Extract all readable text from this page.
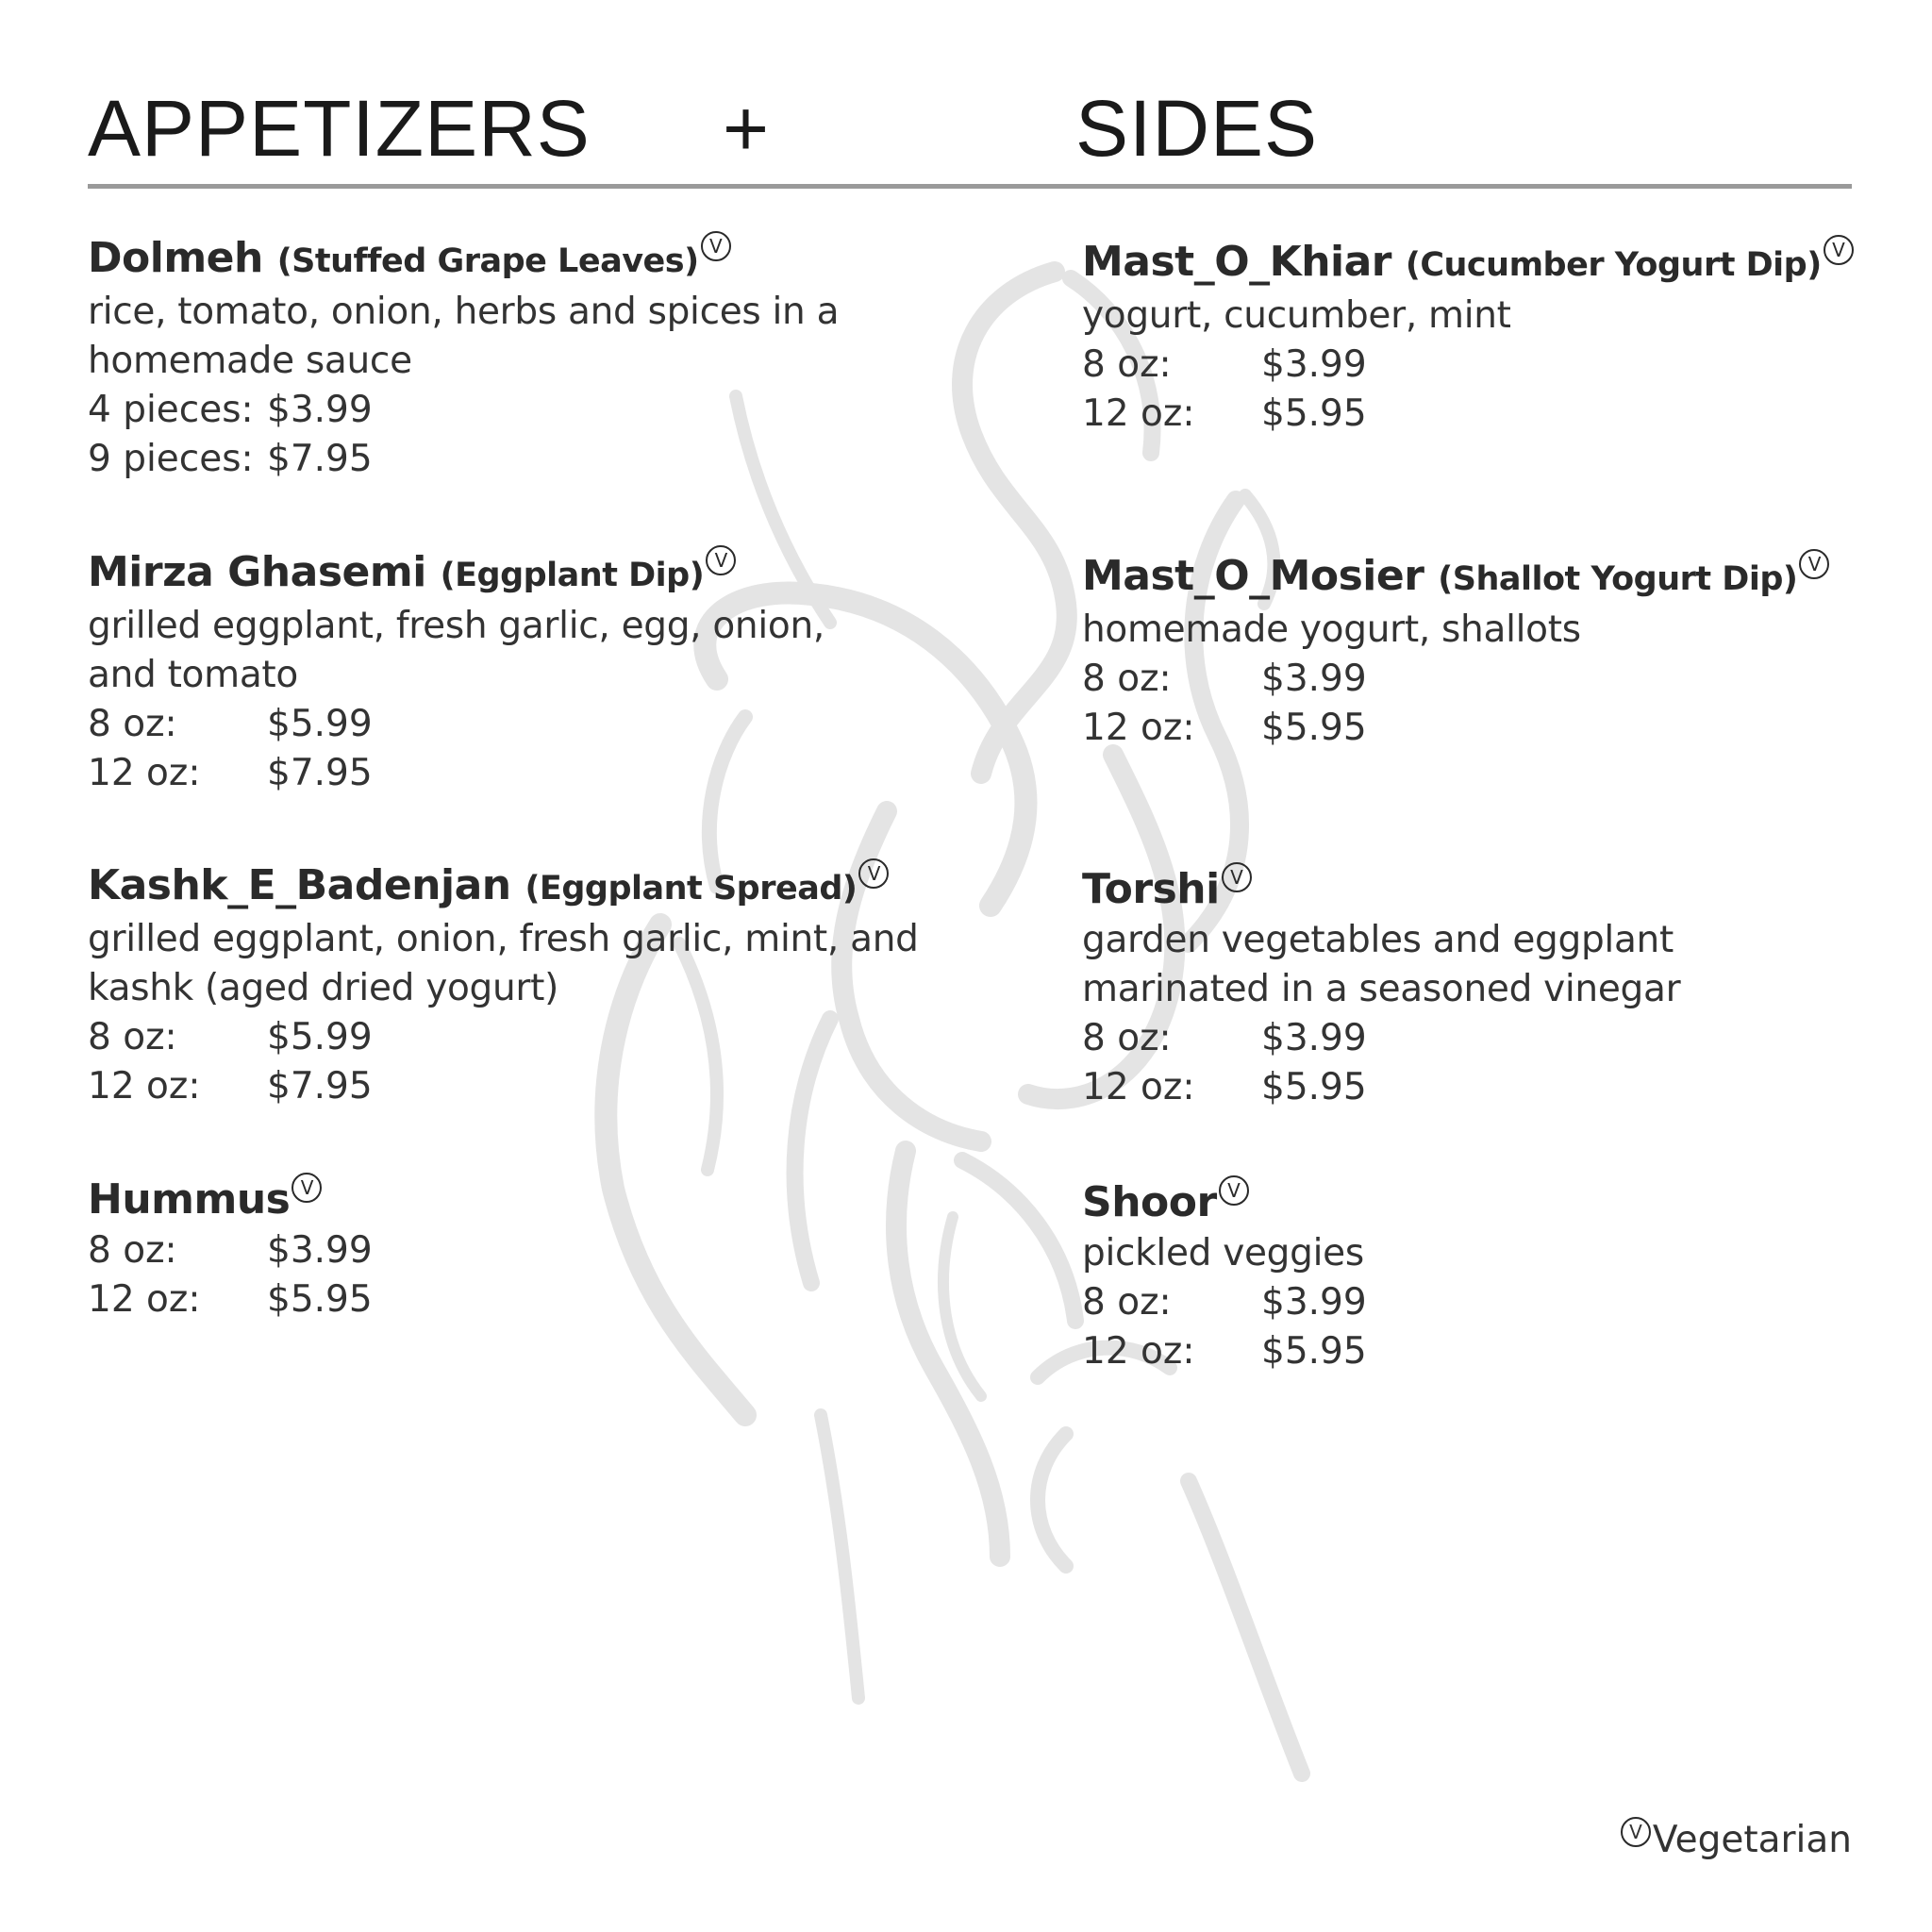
APPETIZERS +	SIDES
Dolmeh (Stuffed Grape Leaves) V
rice, tomato, onion, herbs and spices in a
homemade sauce
4 pieces: $3.99
9 pieces: $7.95
Mirza Ghasemi (Eggplant Dip) V
grilled eggplant, fresh garlic, egg, onion,
and tomato
8 oz: $5.99
12 oz: $7.95
Kashk_E_Badenjan (Eggplant Spread) V
grilled eggplant, onion, fresh garlic, mint, and
kashk (aged dried yogurt)
8 oz: $5.99
12 oz: $7.95
Hummus V
8 oz: $3.99
12 oz: $5.95
Mast_O_Khiar (Cucumber Yogurt Dip) V
yogurt, cucumber, mint
8 oz: $3.99
12 oz: $5.95
Mast_O_Mosier (Shallot Yogurt Dip) V
homemade yogurt, shallots
8 oz: $3.99
12 oz: $5.95
Torshi V
garden vegetables and eggplant
marinated in a seasoned vinegar
8 oz: $3.99
12 oz: $5.95
Shoor V
pickled veggies
8 oz: $3.99
12 oz: $5.95
V Vegetarian
